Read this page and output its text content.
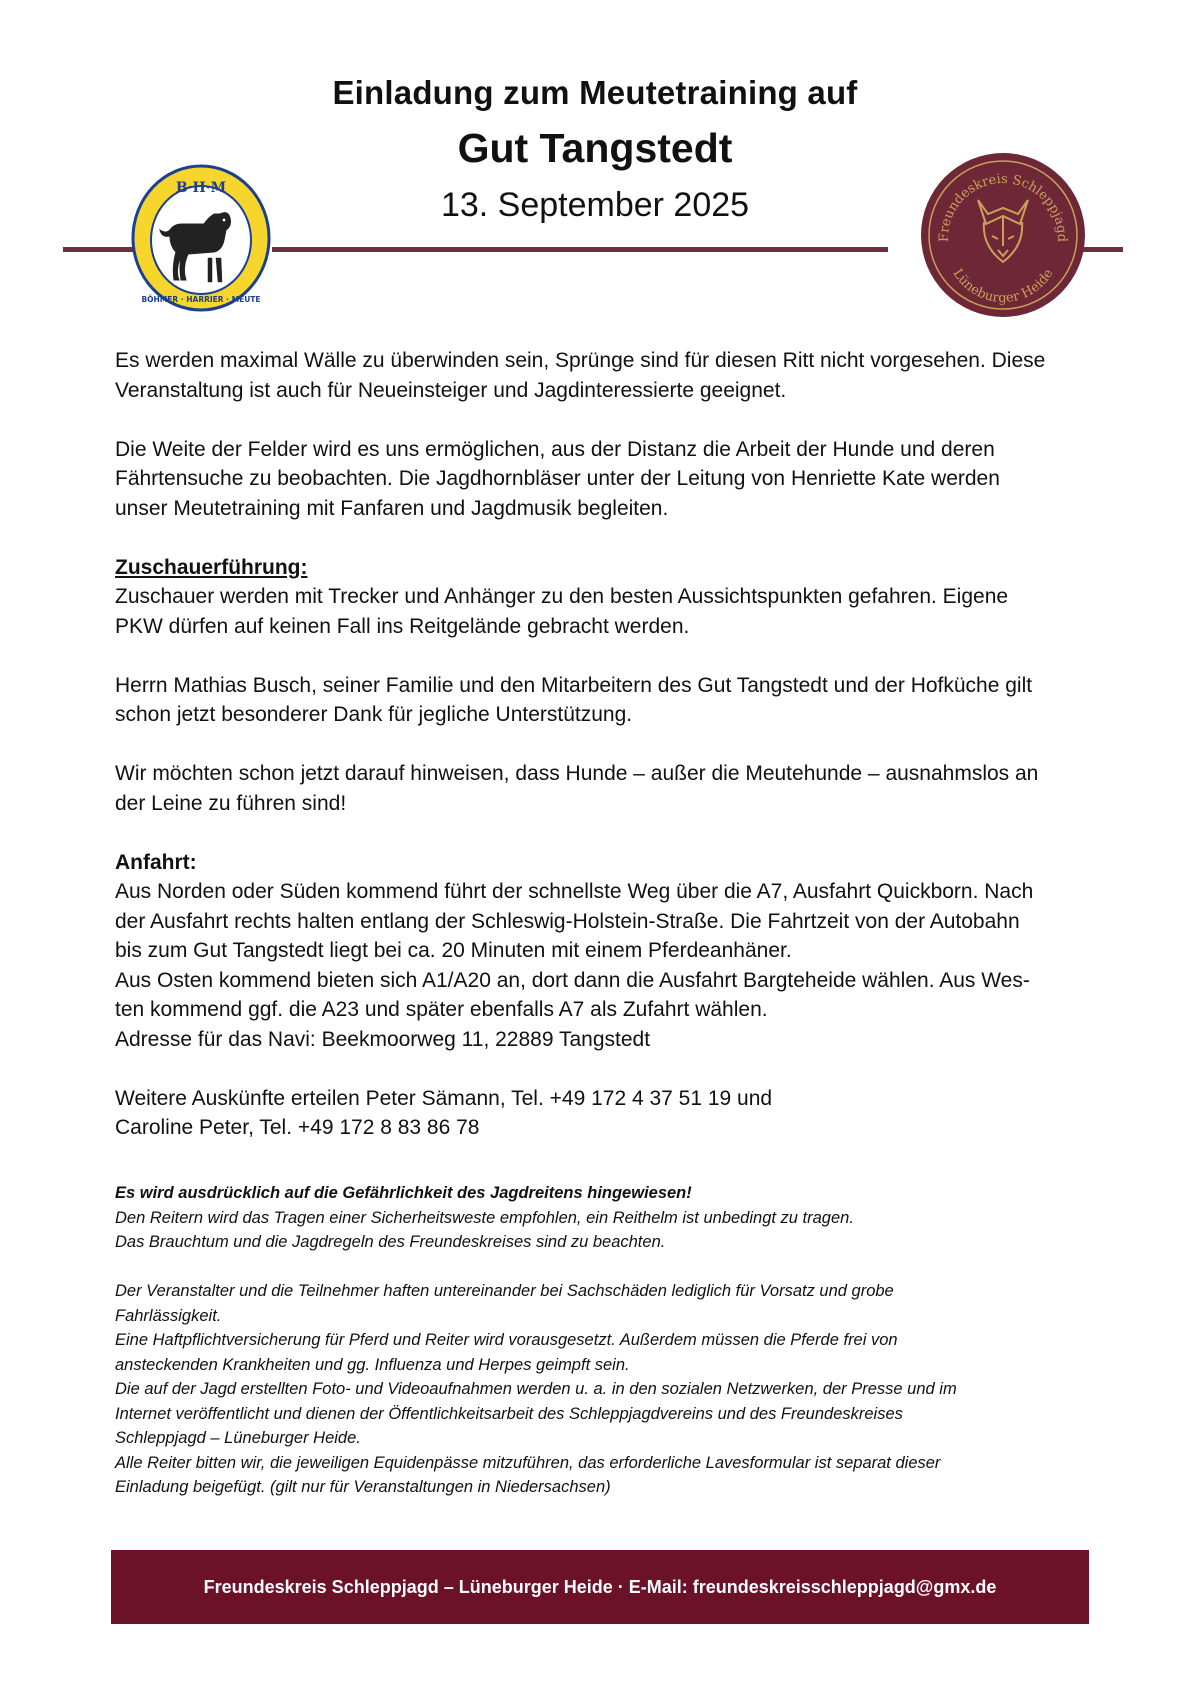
Einladung zum Meutetraining auf
Gut Tangstedt
13. September 2025
B·H·M
BÖHMER · HARRIER · MEUTE
Freundeskreis Schleppjagd
Lüneburger Heide

Es werden maximal Wälle zu überwinden sein, Sprünge sind für diesen Ritt nicht vorgesehen. Diese
Veranstaltung ist auch für Neueinsteiger und Jagdinteressierte geeignet.

Die Weite der Felder wird es uns ermöglichen, aus der Distanz die Arbeit der Hunde und deren
Fährtensuche zu beobachten. Die Jagdhornbläser unter der Leitung von Henriette Kate werden
unser Meutetraining mit Fanfaren und Jagdmusik begleiten.

Zuschauerführung:
Zuschauer werden mit Trecker und Anhänger zu den besten Aussichtspunkten gefahren. Eigene
PKW dürfen auf keinen Fall ins Reitgelände gebracht werden.

Herrn Mathias Busch, seiner Familie und den Mitarbeitern des Gut Tangstedt und der Hofküche gilt
schon jetzt besonderer Dank für jegliche Unterstützung.

Wir möchten schon jetzt darauf hinweisen, dass Hunde – außer die Meutehunde – ausnahmslos an
der Leine zu führen sind!

Anfahrt:
Aus Norden oder Süden kommend führt der schnellste Weg über die A7, Ausfahrt Quickborn. Nach
der Ausfahrt rechts halten entlang der Schleswig-Holstein-Straße. Die Fahrtzeit von der Autobahn
bis zum Gut Tangstedt liegt bei ca. 20 Minuten mit einem Pferdeanhäner.
Aus Osten kommend bieten sich A1/A20 an, dort dann die Ausfahrt Bargteheide wählen. Aus Wes-
ten kommend ggf. die A23 und später ebenfalls A7 als Zufahrt wählen.
Adresse für das Navi: Beekmoorweg 11, 22889 Tangstedt

Weitere Auskünfte erteilen Peter Sämann, Tel. +49 172 4 37 51 19 und
Caroline Peter, Tel. +49 172 8 83 86 78

Es wird ausdrücklich auf die Gefährlichkeit des Jagdreitens hingewiesen!
Den Reitern wird das Tragen einer Sicherheitsweste empfohlen, ein Reithelm ist unbedingt zu tragen.
Das Brauchtum und die Jagdregeln des Freundeskreises sind zu beachten.

Der Veranstalter und die Teilnehmer haften untereinander bei Sachschäden lediglich für Vorsatz und grobe
Fahrlässigkeit.
Eine Haftpflichtversicherung für Pferd und Reiter wird vorausgesetzt. Außerdem müssen die Pferde frei von
ansteckenden Krankheiten und gg. Influenza und Herpes geimpft sein.
Die auf der Jagd erstellten Foto- und Videoaufnahmen werden u. a. in den sozialen Netzwerken, der Presse und im
Internet veröffentlicht und dienen der Öffentlichkeitsarbeit des Schleppjagdvereins und des Freundeskreises
Schleppjagd – Lüneburger Heide.
Alle Reiter bitten wir, die jeweiligen Equidenpässe mitzuführen, das erforderliche Lavesformular ist separat dieser
Einladung beigefügt. (gilt nur für Veranstaltungen in Niedersachsen)

Freundeskreis Schleppjagd – Lüneburger Heide · E-Mail: freundeskreisschleppjagd@gmx.de
